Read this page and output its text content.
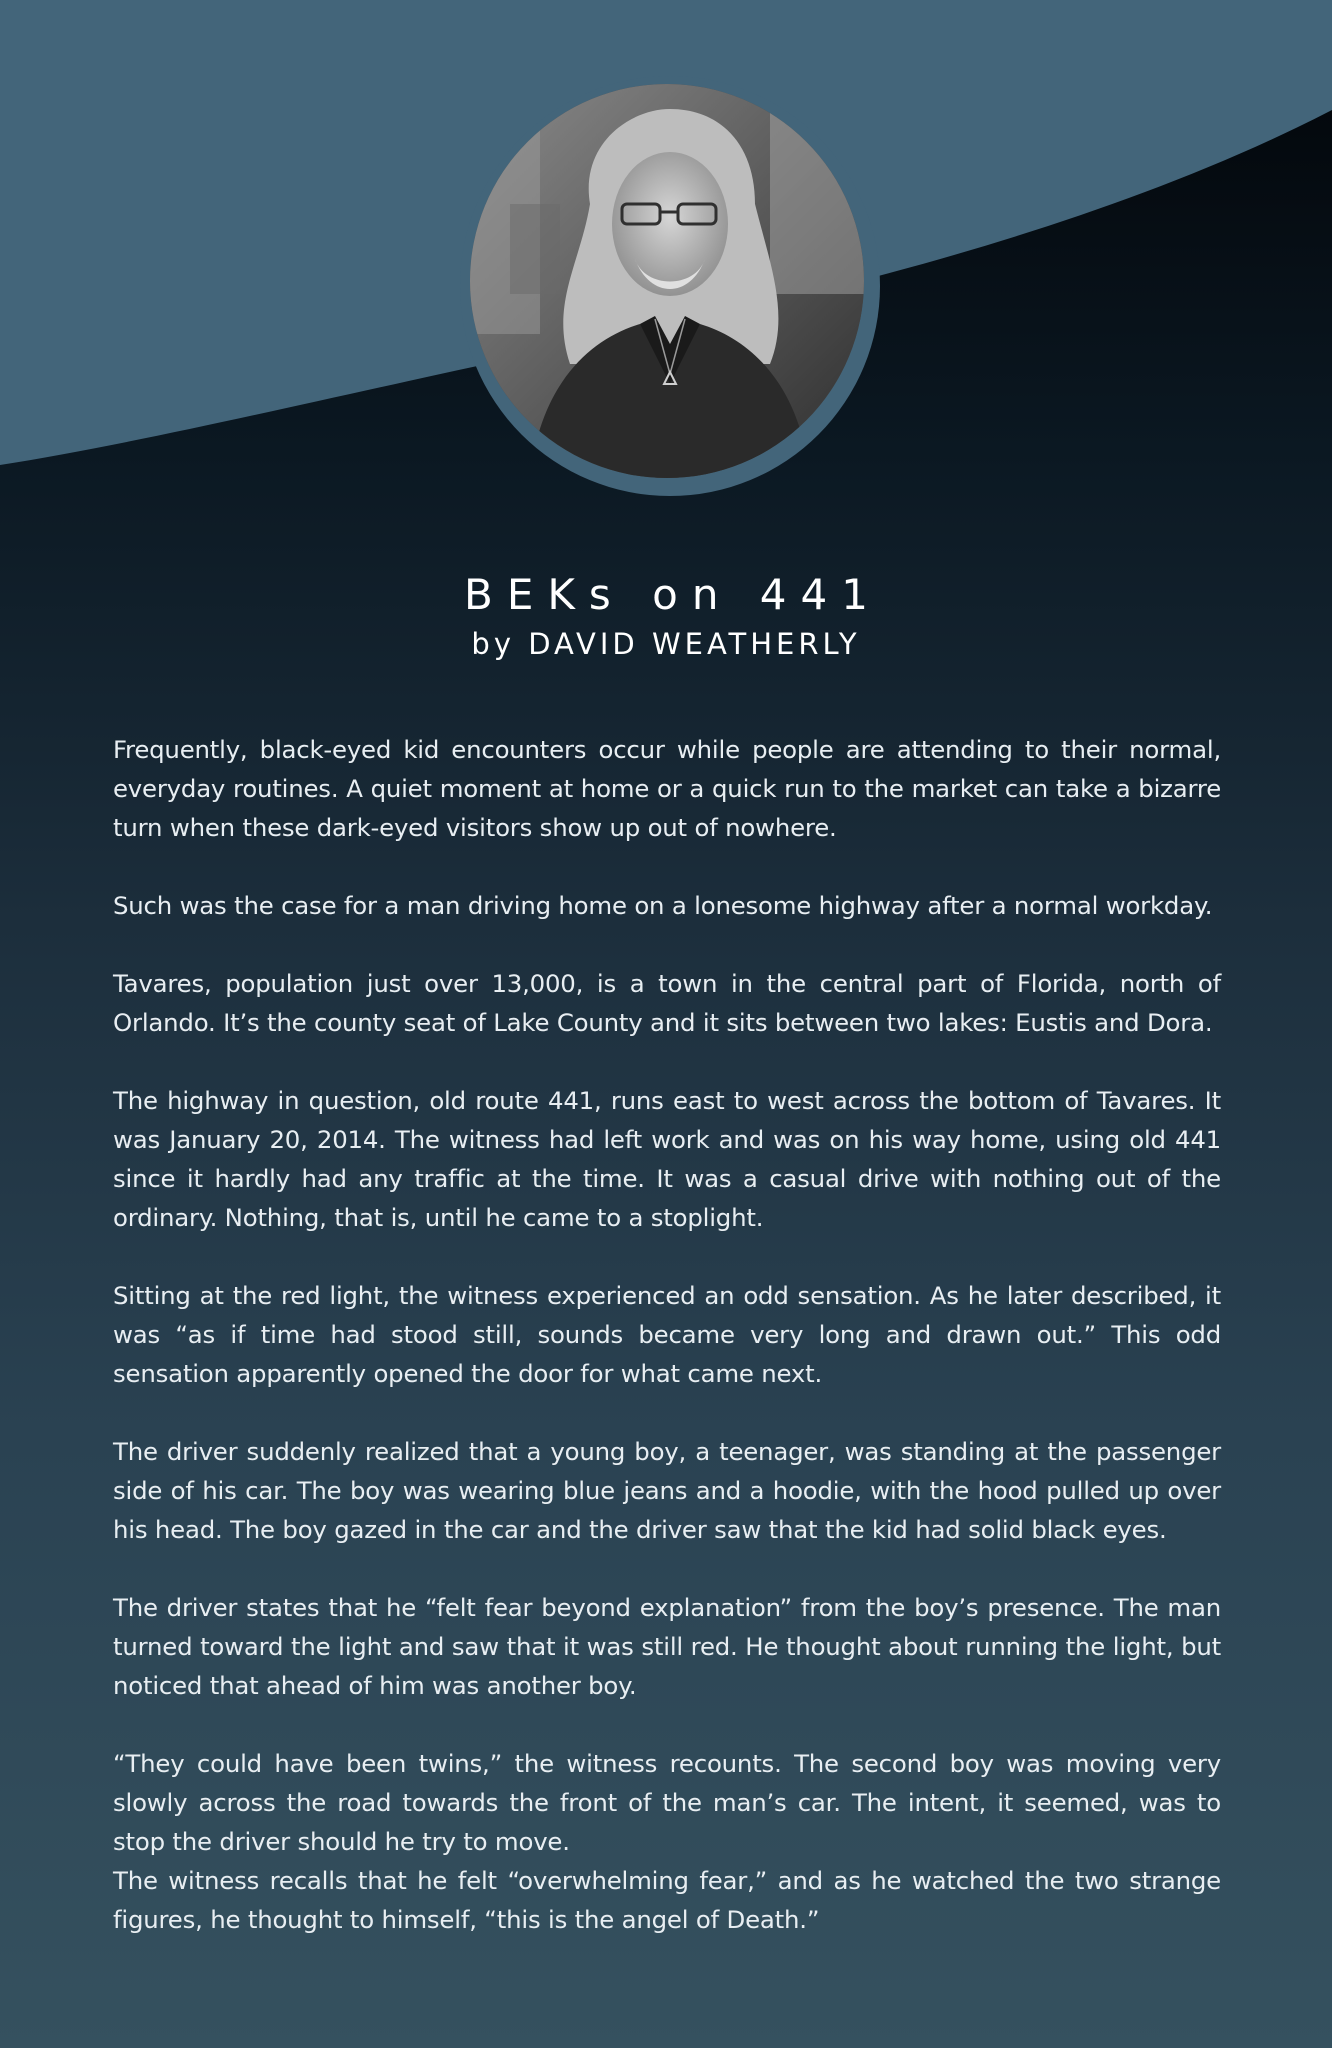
BEKs on 441
by DAVID WEATHERLY

Frequently, black-eyed kid encounters occur while people are attending to their normal, everyday routines. A quiet moment at home or a quick run to the market can take a bizarre turn when these dark-eyed visitors show up out of nowhere.

Such was the case for a man driving home on a lonesome highway after a normal workday.

Tavares, population just over 13,000, is a town in the central part of Florida, north of Orlando. It’s the county seat of Lake County and it sits between two lakes: Eustis and Dora.

The highway in question, old route 441, runs east to west across the bottom of Tavares. It was January 20, 2014. The witness had left work and was on his way home, using old 441 since it hardly had any traffic at the time. It was a casual drive with nothing out of the ordinary. Nothing, that is, until he came to a stoplight.

Sitting at the red light, the witness experienced an odd sensation. As he later described, it was “as if time had stood still, sounds became very long and drawn out.” This odd sensation apparently opened the door for what came next.

The driver suddenly realized that a young boy, a teenager, was standing at the passenger side of his car. The boy was wearing blue jeans and a hoodie, with the hood pulled up over his head. The boy gazed in the car and the driver saw that the kid had solid black eyes.

The driver states that he “felt fear beyond explanation” from the boy’s presence. The man turned toward the light and saw that it was still red. He thought about running the light, but noticed that ahead of him was another boy.

“They could have been twins,” the witness recounts. The second boy was moving very slowly across the road towards the front of the man’s car. The intent, it seemed, was to stop the driver should he try to move.

The witness recalls that he felt “overwhelming fear,” and as he watched the two strange figures, he thought to himself, “this is the angel of Death.”
